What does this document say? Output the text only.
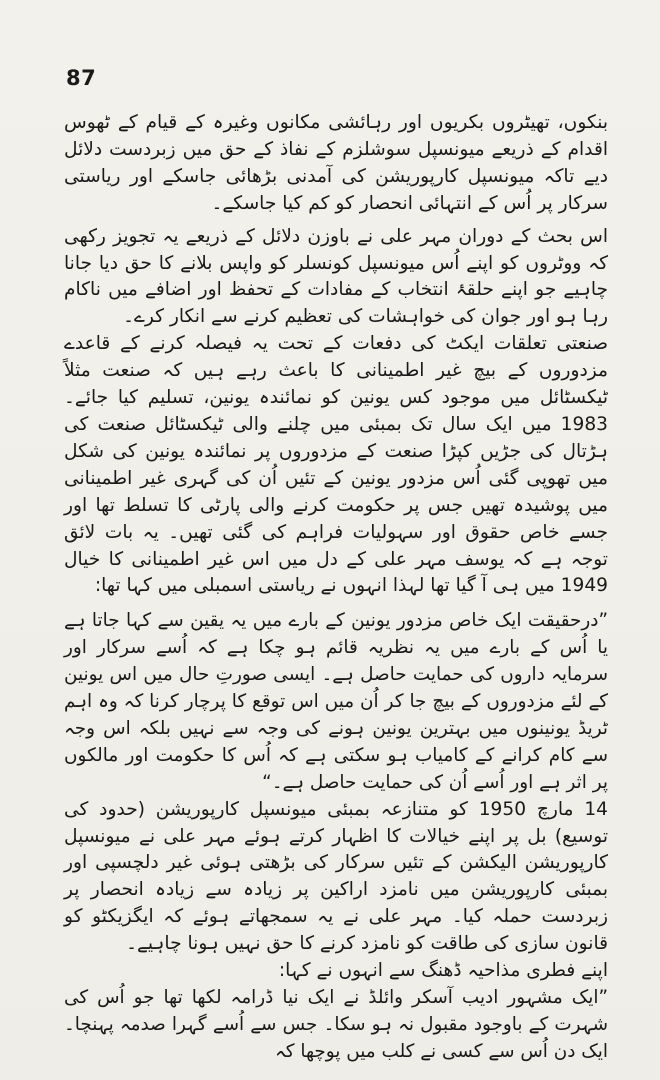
87

بنکوں، تھیٹروں بکریوں اور رہائشی مکانوں وغیرہ کے قیام کے ٹھوس اقدام کے ذریعے میونسپل سوشلزم کے نفاذ کے حق میں زبردست دلائل دیے تاکہ میونسپل کارپوریشن کی آمدنی بڑھائی جاسکے اور ریاستی سرکار پر اُس کے انتہائی انحصار کو کم کیا جاسکے۔

اس بحث کے دوران مہر علی نے باوزن دلائل کے ذریعے یہ تجویز رکھی کہ ووٹروں کو اپنے اُس میونسپل کونسلر کو واپس بلانے کا حق دیا جانا چاہیے جو اپنے حلقۂ انتخاب کے مفادات کے تحفظ اور اضافے میں ناکام رہا ہو اور جوان کی خواہشات کی تعظیم کرنے سے انکار کرے۔

صنعتی تعلقات ایکٹ کی دفعات کے تحت یہ فیصلہ کرنے کے قاعدے مزدوروں کے بیچ غیر اطمینانی کا باعث رہے ہیں کہ صنعت مثلاً ٹیکسٹائل میں موجود کس یونین کو نمائندہ یونین، تسلیم کیا جائے۔ 1983 میں ایک سال تک بمبئی میں چلنے والی ٹیکسٹائل صنعت کی ہڑتال کی جڑیں کپڑا صنعت کے مزدوروں پر نمائندہ یونین کی شکل میں تھوپی گئی اُس مزدور یونین کے تئیں اُن کی گہری غیر اطمینانی میں پوشیدہ تھیں جس پر حکومت کرنے والی پارٹی کا تسلط تھا اور جسے خاص حقوق اور سہولیات فراہم کی گئی تھیں۔ یہ بات لائق توجہ ہے کہ یوسف مہر علی کے دل میں اس غیر اطمینانی کا خیال 1949 میں ہی آ گیا تھا لہذا انہوں نے ریاستی اسمبلی میں کہا تھا:

”درحقیقت ایک خاص مزدور یونین کے بارے میں یہ یقین سے کہا جاتا ہے یا اُس کے بارے میں یہ نظریہ قائم ہو چکا ہے کہ اُسے سرکار اور سرمایہ داروں کی حمایت حاصل ہے۔ ایسی صورتِ حال میں اس یونین کے لئے مزدوروں کے بیچ جا کر اُن میں اس توقع کا پرچار کرنا کہ وہ اہم ٹریڈ یونینوں میں بہترین یونین ہونے کی وجہ سے نہیں بلکہ اس وجہ سے کام کرانے کے کامیاب ہو سکتی ہے کہ اُس کا حکومت اور مالکوں پر اثر ہے اور اُسے اُن کی حمایت حاصل ہے۔“

14 مارچ 1950 کو متنازعہ بمبئی میونسپل کارپوریشن (حدود کی توسیع) بل پر اپنے خیالات کا اظہار کرتے ہوئے مہر علی نے میونسپل کارپوریشن الیکشن کے تئیں سرکار کی بڑھتی ہوئی غیر دلچسپی اور بمبئی کارپوریشن میں نامزد اراکین پر زیادہ سے زیادہ انحصار پر زبردست حملہ کیا۔ مہر علی نے یہ سمجھاتے ہوئے کہ ایگزیکٹو کو قانون سازی کی طاقت کو نامزد کرنے کا حق نہیں ہونا چاہیے۔

اپنے فطری مذاحیہ ڈھنگ سے انہوں نے کہا:

”ایک مشہور ادیب آسکر وائلڈ نے ایک نیا ڈرامہ لکھا تھا جو اُس کی شہرت کے باوجود مقبول نہ ہو سکا۔ جس سے اُسے گہرا صدمہ پہنچا۔ ایک دن اُس سے کسی نے کلب میں پوچھا کہ
